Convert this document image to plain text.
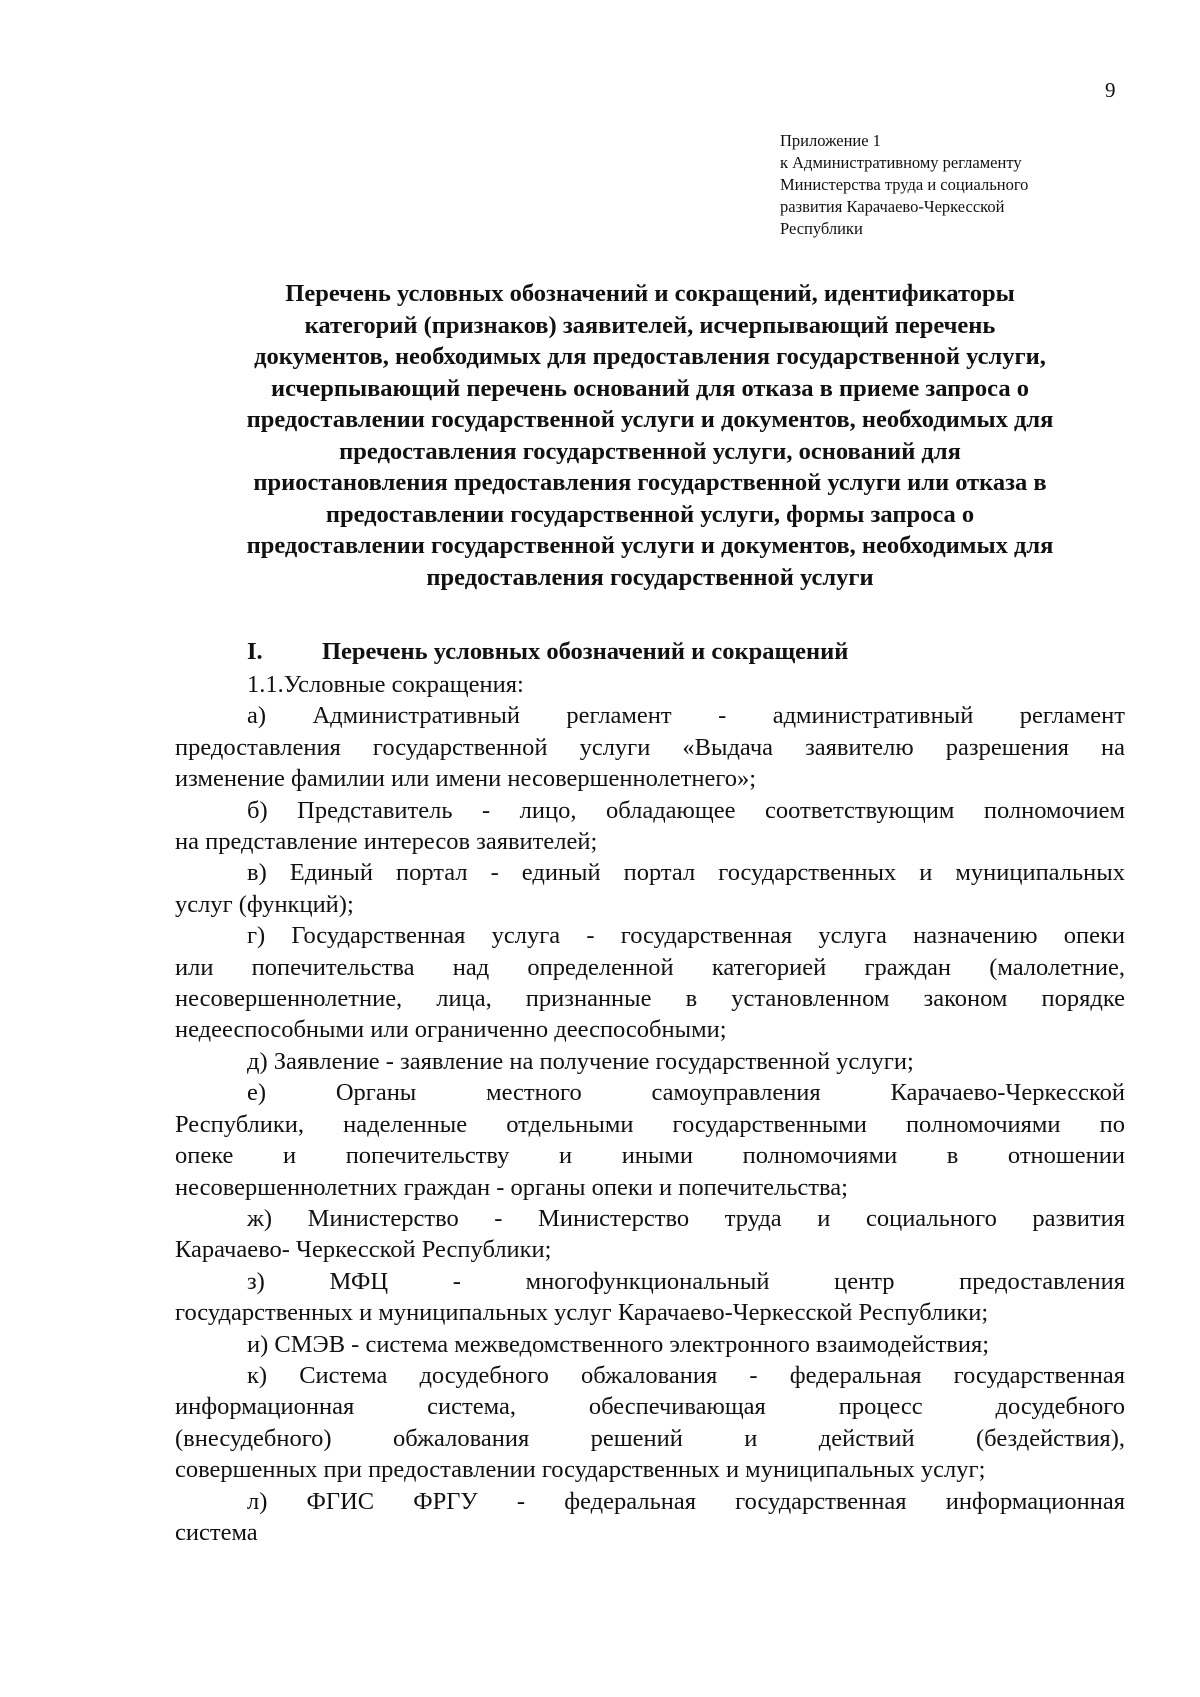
9
Приложение 1
к Административному регламенту
Министерства труда и социального
развития Карачаево-Черкесской
Республики
Перечень условных обозначений и сокращений, идентификаторы
категорий (признаков) заявителей, исчерпывающий перечень
документов, необходимых для предоставления государственной услуги,
исчерпывающий перечень оснований для отказа в приеме запроса о
предоставлении государственной услуги и документов, необходимых для
предоставления государственной услуги, оснований для
приостановления предоставления государственной услуги или отказа в
предоставлении государственной услуги, формы запроса о
предоставлении государственной услуги и документов, необходимых для
предоставления государственной услуги
I. Перечень условных обозначений и сокращений
1.1.Условные сокращения:
а) Административный регламент - административный регламент
предоставления государственной услуги «Выдача заявителю разрешения на
изменение фамилии или имени несовершеннолетнего»;
б) Представитель - лицо, обладающее соответствующим полномочием
на представление интересов заявителей;
в) Единый портал - единый портал государственных и муниципальных
услуг (функций);
г) Государственная услуга - государственная услуга назначению опеки
или попечительства над определенной категорией граждан (малолетние,
несовершеннолетние, лица, признанные в установленном законом порядке
недееспособными или ограниченно дееспособными;
д) Заявление - заявление на получение государственной услуги;
е) Органы местного самоуправления Карачаево-Черкесской
Республики, наделенные отдельными государственными полномочиями по
опеке и попечительству и иными полномочиями в отношении
несовершеннолетних граждан - органы опеки и попечительства;
ж) Министерство - Министерство труда и социального развития
Карачаево- Черкесской Республики;
з) МФЦ - многофункциональный центр предоставления
государственных и муниципальных услуг Карачаево-Черкесской Республики;
и) СМЭВ - система межведомственного электронного взаимодействия;
к) Система досудебного обжалования - федеральная государственная
информационная система, обеспечивающая процесс досудебного
(внесудебного) обжалования решений и действий (бездействия),
совершенных при предоставлении государственных и муниципальных услуг;
л) ФГИС ФРГУ - федеральная государственная информационная
система
